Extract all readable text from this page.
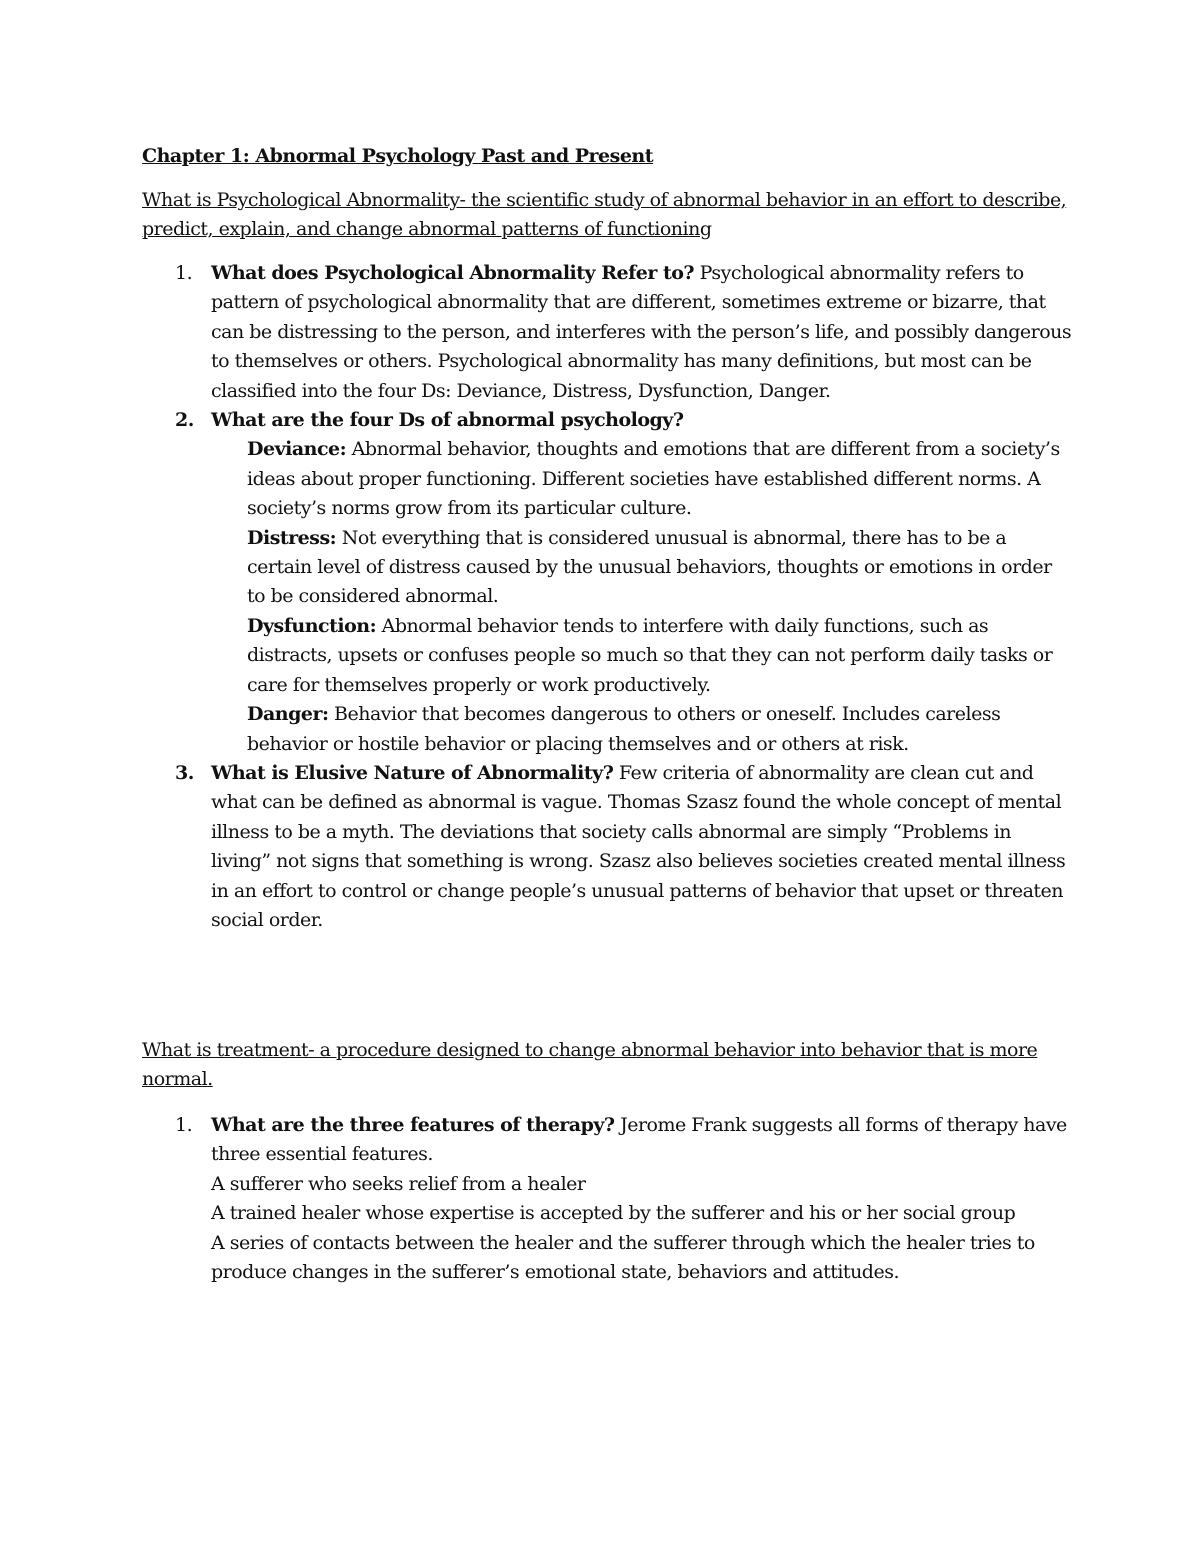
Chapter 1: Abnormal Psychology Past and Present
What is Psychological Abnormality- the scientific study of abnormal behavior in an effort to describe, predict, explain, and change abnormal patterns of functioning
1. What does Psychological Abnormality Refer to? Psychological abnormality refers to pattern of psychological abnormality that are different, sometimes extreme or bizarre, that can be distressing to the person, and interferes with the person’s life, and possibly dangerous to themselves or others. Psychological abnormality has many definitions, but most can be classified into the four Ds: Deviance, Distress, Dysfunction, Danger.
2. What are the four Ds of abnormal psychology?
Deviance: Abnormal behavior, thoughts and emotions that are different from a society’s ideas about proper functioning. Different societies have established different norms. A society’s norms grow from its particular culture.
Distress: Not everything that is considered unusual is abnormal, there has to be a certain level of distress caused by the unusual behaviors, thoughts or emotions in order to be considered abnormal.
Dysfunction: Abnormal behavior tends to interfere with daily functions, such as distracts, upsets or confuses people so much so that they can not perform daily tasks or care for themselves properly or work productively.
Danger: Behavior that becomes dangerous to others or oneself. Includes careless behavior or hostile behavior or placing themselves and or others at risk.
3. What is Elusive Nature of Abnormality? Few criteria of abnormality are clean cut and what can be defined as abnormal is vague. Thomas Szasz found the whole concept of mental illness to be a myth. The deviations that society calls abnormal are simply “Problems in living” not signs that something is wrong. Szasz also believes societies created mental illness in an effort to control or change people’s unusual patterns of behavior that upset or threaten social order.
What is treatment- a procedure designed to change abnormal behavior into behavior that is more normal.
1. What are the three features of therapy? Jerome Frank suggests all forms of therapy have three essential features.
A sufferer who seeks relief from a healer
A trained healer whose expertise is accepted by the sufferer and his or her social group
A series of contacts between the healer and the sufferer through which the healer tries to produce changes in the sufferer’s emotional state, behaviors and attitudes.
